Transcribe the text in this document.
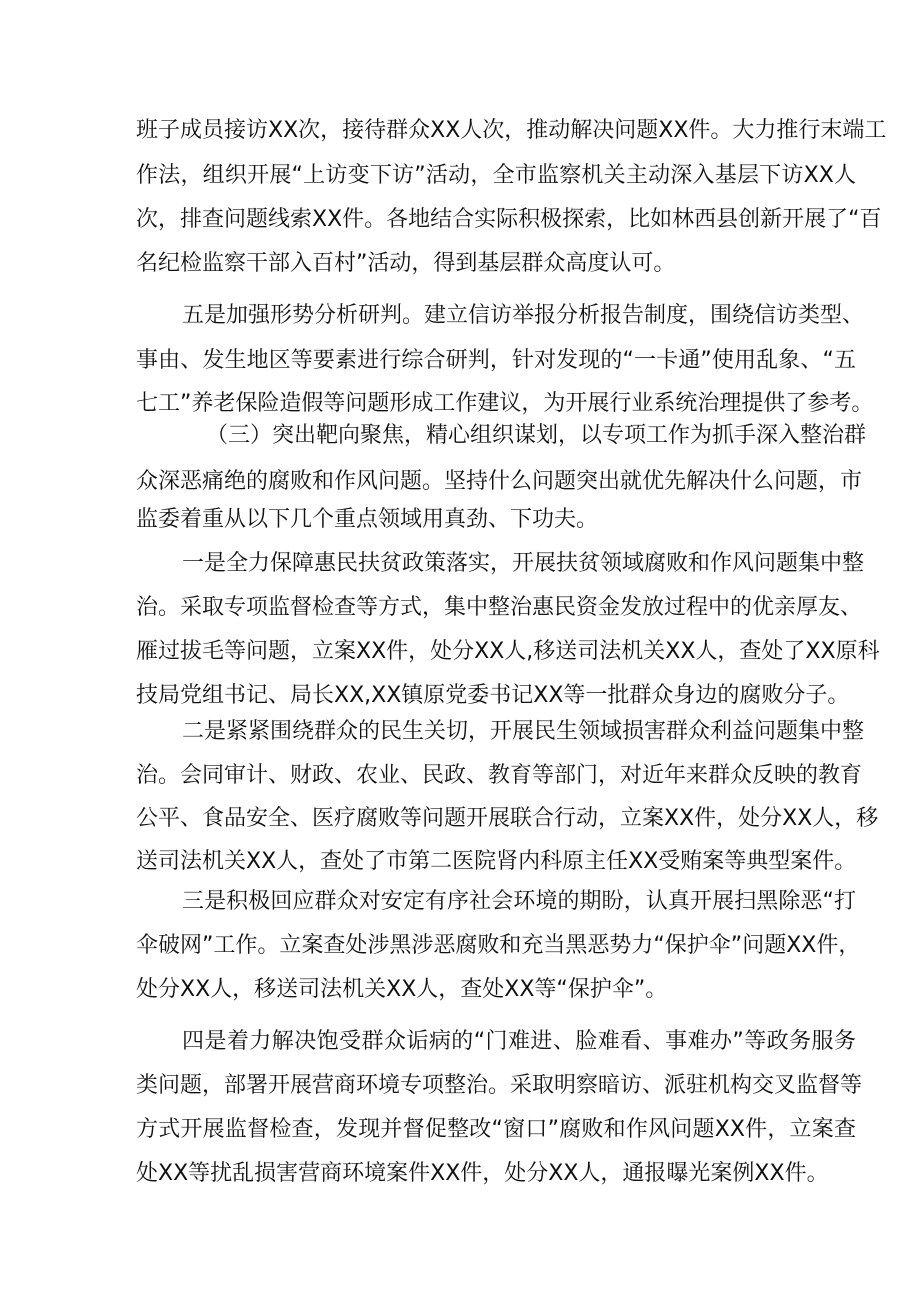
班子成员接访XX次，接待群众XX人次，推动解决问题XX件。大力推行末端工

作法，组织开展“上访变下访”活动，全市监察机关主动深入基层下访XX人

次，排查问题线索XX件。各地结合实际积极探索，比如林西县创新开展了“百

名纪检监察干部入百村”活动，得到基层群众高度认可。

五是加强形势分析研判。建立信访举报分析报告制度，围绕信访类型、

事由、发生地区等要素进行综合研判，针对发现的“一卡通”使用乱象、“五

七工”养老保险造假等问题形成工作建议，为开展行业系统治理提供了参考。

（三）突出靶向聚焦，精心组织谋划，以专项工作为抓手深入整治群

众深恶痛绝的腐败和作风问题。坚持什么问题突出就优先解决什么问题，市

监委着重从以下几个重点领域用真劲、下功夫。

一是全力保障惠民扶贫政策落实，开展扶贫领域腐败和作风问题集中整

治。采取专项监督检查等方式，集中整治惠民资金发放过程中的优亲厚友、

雁过拔毛等问题，立案XX件，处分XX人,移送司法机关XX人，查处了XX原科

技局党组书记、局长XX,XX镇原党委书记XX等一批群众身边的腐败分子。

二是紧紧围绕群众的民生关切，开展民生领域损害群众利益问题集中整

治。会同审计、财政、农业、民政、教育等部门，对近年来群众反映的教育

公平、食品安全、医疗腐败等问题开展联合行动，立案XX件，处分XX人，移

送司法机关XX人，查处了市第二医院肾内科原主任XX受贿案等典型案件。

三是积极回应群众对安定有序社会环境的期盼，认真开展扫黑除恶“打

伞破网”工作。立案查处涉黑涉恶腐败和充当黑恶势力“保护伞”问题XX件，

处分XX人，移送司法机关XX人，查处XX等“保护伞”。

四是着力解决饱受群众诟病的“门难进、脸难看、事难办”等政务服务

类问题，部署开展营商环境专项整治。采取明察暗访、派驻机构交叉监督等

方式开展监督检查，发现并督促整改“窗口”腐败和作风问题XX件，立案查

处XX等扰乱损害营商环境案件XX件，处分XX人，通报曝光案例XX件。
